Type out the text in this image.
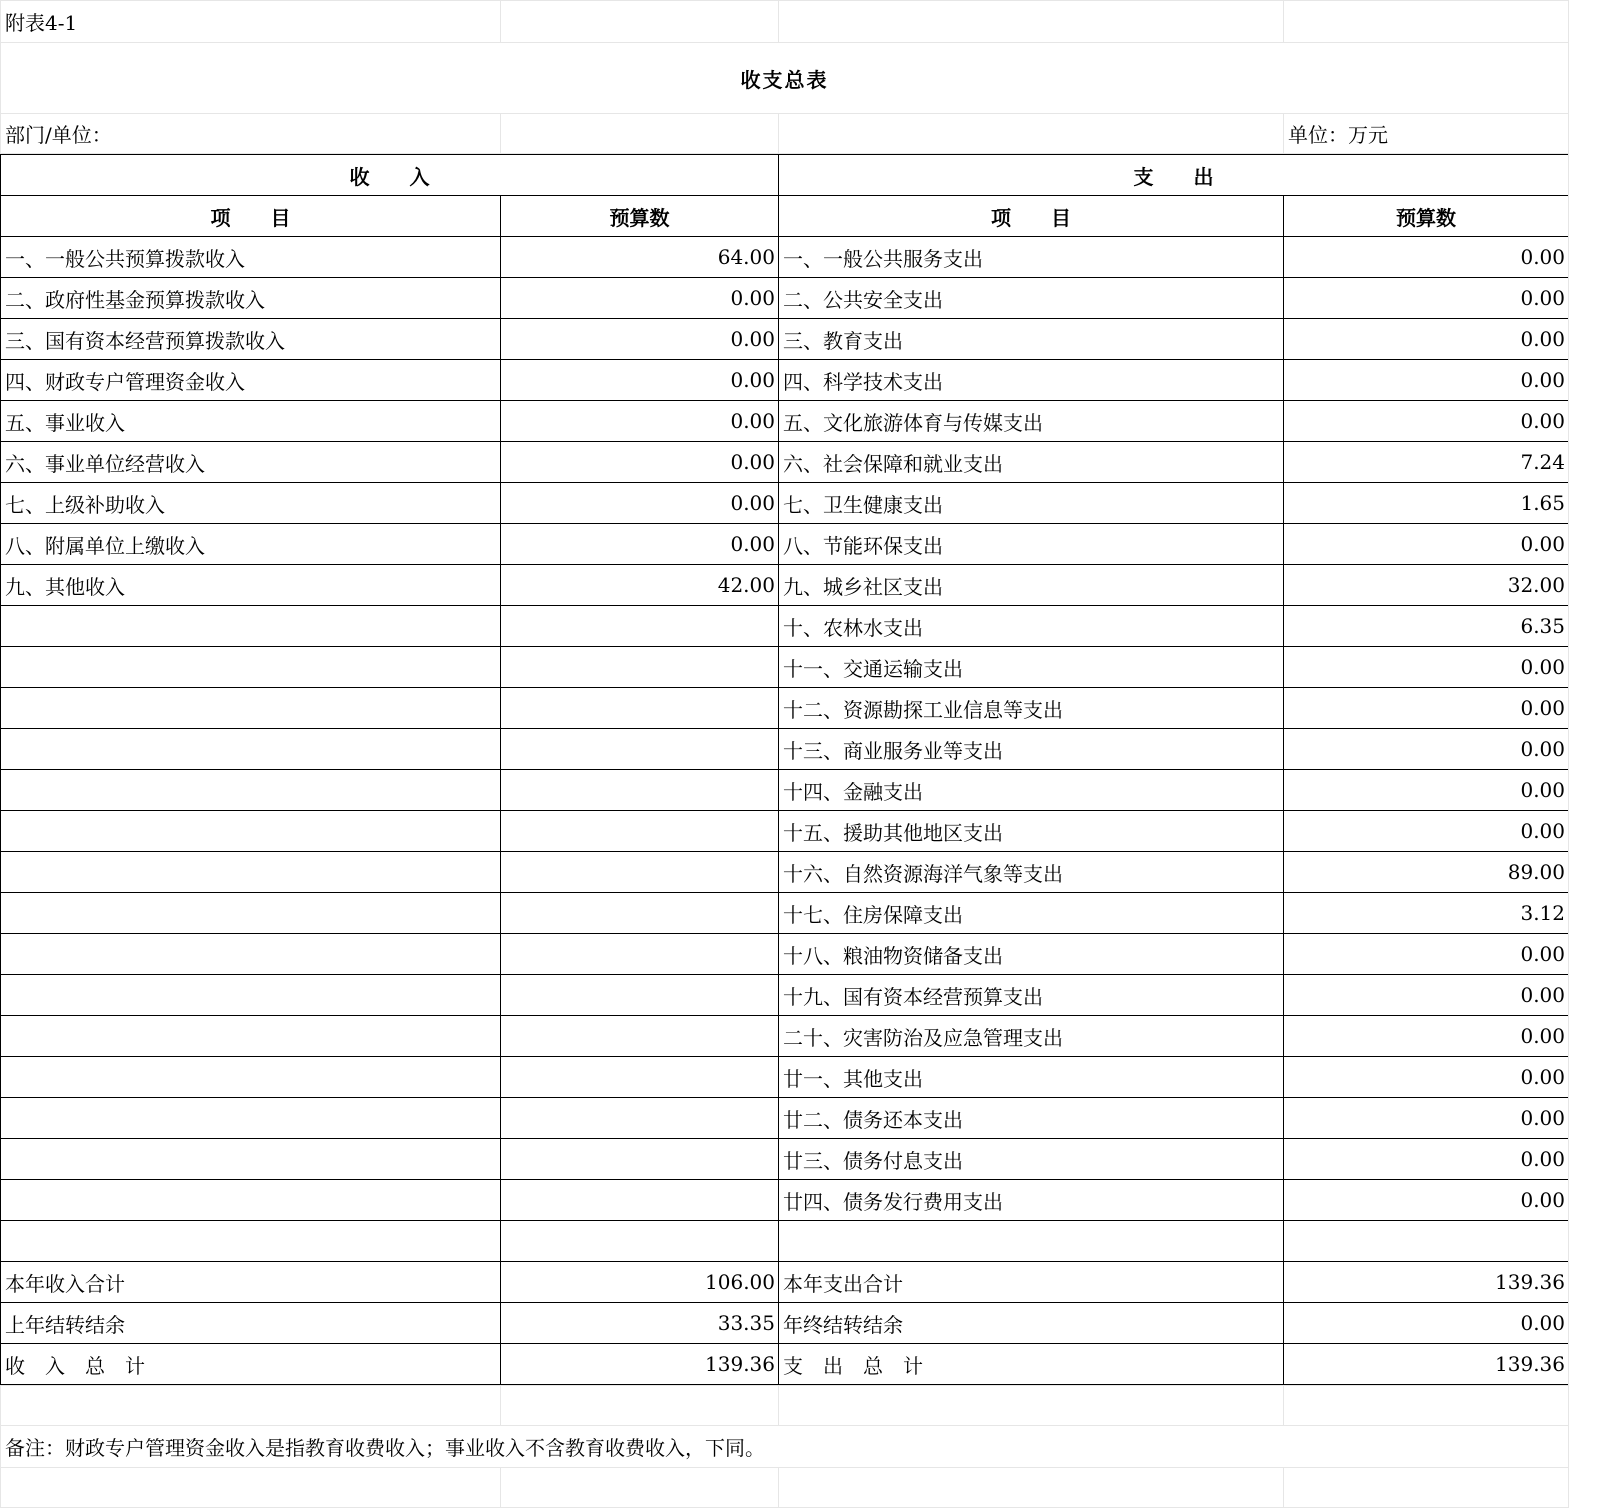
附表4-1			
收支总表			
部门/单位：			单位：万元
收　　入		支　　出	
项　　目	预算数	项　　目	预算数
一、一般公共预算拨款收入	64.00	一、一般公共服务支出	0.00
二、政府性基金预算拨款收入	0.00	二、公共安全支出	0.00
三、国有资本经营预算拨款收入	0.00	三、教育支出	0.00
四、财政专户管理资金收入	0.00	四、科学技术支出	0.00
五、事业收入	0.00	五、文化旅游体育与传媒支出	0.00
六、事业单位经营收入	0.00	六、社会保障和就业支出	7.24
七、上级补助收入	0.00	七、卫生健康支出	1.65
八、附属单位上缴收入	0.00	八、节能环保支出	0.00
九、其他收入	42.00	九、城乡社区支出	32.00
		十、农林水支出	6.35
		十一、交通运输支出	0.00
		十二、资源勘探工业信息等支出	0.00
		十三、商业服务业等支出	0.00
		十四、金融支出	0.00
		十五、援助其他地区支出	0.00
		十六、自然资源海洋气象等支出	89.00
		十七、住房保障支出	3.12
		十八、粮油物资储备支出	0.00
		十九、国有资本经营预算支出	0.00
		二十、灾害防治及应急管理支出	0.00
		廿一、其他支出	0.00
		廿二、债务还本支出	0.00
		廿三、债务付息支出	0.00
		廿四、债务发行费用支出	0.00

本年收入合计	106.00	本年支出合计	139.36
上年结转结余	33.35	年终结转结余	0.00
收　入　总　计	139.36	支　出　总　计	139.36

备注：财政专户管理资金收入是指教育收费收入；事业收入不含教育收费收入，下同。			
